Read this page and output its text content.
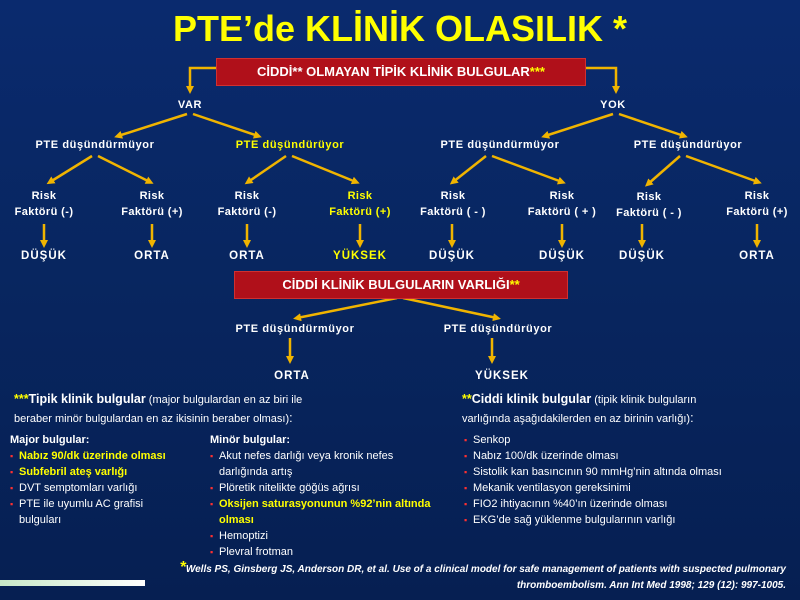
PTE’de KLİNİK OLASILIK *
CİDDİ** OLMAYAN TİPİK KLİNİK BULGULAR***
VAR	YOK
PTE düşündürmüyor	PTE düşündürüyor	PTE düşündürmüyor	PTE düşündürüyor
Risk
Faktörü (-)
Risk
Faktörü (+)
Risk
Faktörü (-)
Risk
Faktörü (+)
Risk
Faktörü ( - )
Risk
Faktörü ( + )
Risk
Faktörü ( - )
Risk
Faktörü (+)
DÜŞÜK	ORTA	ORTA	YÜKSEK	DÜŞÜK	DÜŞÜK	DÜŞÜK	ORTA
CİDDİ KLİNİK BULGULARIN VARLIĞI**
PTE düşündürmüyor	PTE düşündürüyor
ORTA	YÜKSEK
***Tipik klinik bulgular (major bulgulardan en az biri ile
beraber minör bulgulardan en az ikisinin beraber olması):
**Ciddi klinik bulgular (tipik klinik bulguların
varlığında aşağıdakilerden en az birinin varlığı):
Major bulgular:
▪ Nabız 90/dk üzerinde olması
▪ Subfebril ateş varlığı
▪ DVT semptomları varlığı
▪ PTE ile uyumlu AC grafisi bulguları
Minör bulgular:
▪ Akut nefes darlığı veya kronik nefes darlığında artış
▪ Plöretik nitelikte göğüs ağrısı
▪ Oksijen saturasyonunun %92’nin altında olması
▪ Hemoptizi
▪ Plevral frotman
▪ Senkop
▪ Nabız 100/dk üzerinde olması
▪ Sistolik kan basıncının 90 mmHg’nin altında olması
▪ Mekanik ventilasyon gereksinimi
▪ FIO2 ihtiyacının %40’ın üzerinde olması
▪ EKG’de sağ yüklenme bulgularının varlığı
*Wells PS, Ginsberg JS, Anderson DR, et al. Use of a clinical model for safe management of patients with suspected pulmonary
thromboembolism. Ann Int Med 1998; 129 (12): 997-1005.
